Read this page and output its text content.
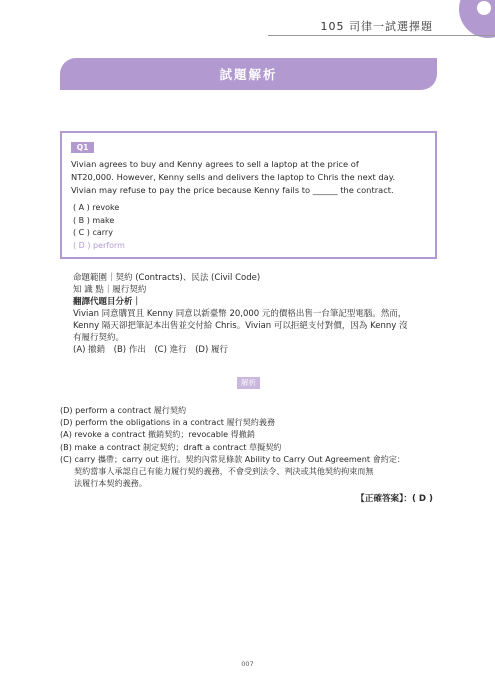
105 司律一試選擇題
試題解析
Q1
Vivian agrees to buy and Kenny agrees to sell a laptop at the price of
NT20,000. However, Kenny sells and delivers the laptop to Chris the next day.
Vivian may refuse to pay the price because Kenny fails to ______ the contract.
( A ) revoke
( B ) make
( C ) carry
( D ) perform
命題範圍｜契約 (Contracts)、民法 (Civil Code)
知 識 點｜履行契約
翻譯代題目分析｜
Vivian 同意購買且 Kenny 同意以新臺幣 20,000 元的價格出售一台筆記型電腦。然而，
Kenny 隔天卻把筆記本出售並交付給 Chris。Vivian 可以拒絕支付對價，因為 Kenny 沒
有履行契約。
(A) 撤銷　(B) 作出　(C) 進行　(D) 履行
解析
(D) perform a contract 履行契約
(D) perform the obligations in a contract 履行契約義務
(A) revoke a contract 撤銷契約；revocable 得撤銷
(B) make a contract 制定契約；draft a contract 草擬契約
(C) carry 攜帶；carry out 進行。契約內常見條款 Ability to Carry Out Agreement 會約定：
契約當事人承認自己有能力履行契約義務，不會受到法令、判決或其他契約拘束而無
法履行本契約義務。
【正確答案】：( D )
007
